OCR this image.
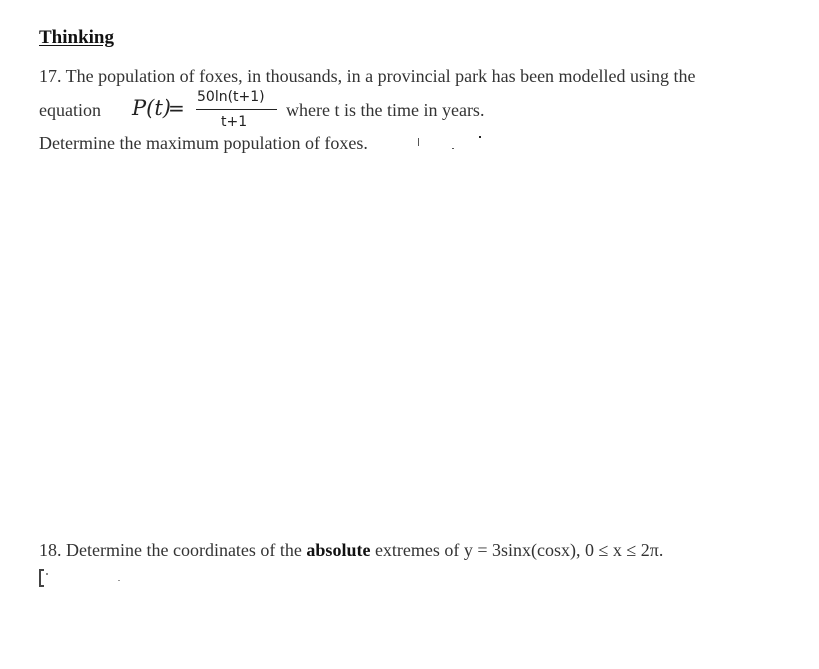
Thinking
17. The population of foxes, in thousands, in a provincial park has been modelled using the
equation P(t)
= 50ln(t+1)
t+1
where t is the time in years.
Determine the maximum population of foxes.
18. Determine the coordinates of the absolute extremes of y = 3sinx(cosx), 0 ≤ x ≤ 2π.
